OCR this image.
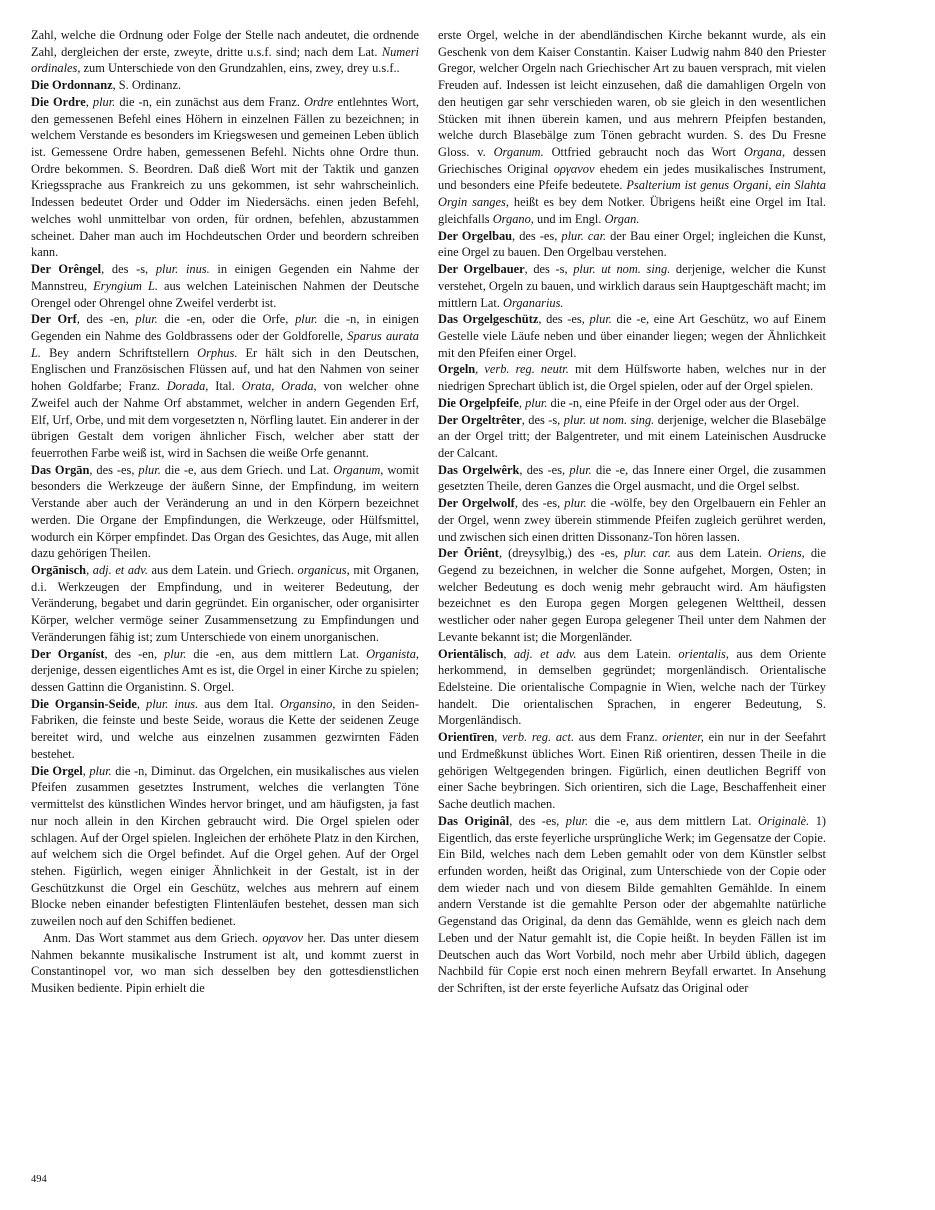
Zahl, welche die Ordnung oder Folge der Stelle nach andeutet, die ordnende Zahl, dergleichen der erste, zweyte, dritte u.s.f. sind; nach dem Lat. Numeri ordinales, zum Unterschiede von den Grundzahlen, eins, zwey, drey u.s.f..

Die Ordonnanz, S. Ordinanz.

Die Ordre, plur. die -n, ein zunächst aus dem Franz. Ordre entlehntes Wort, den gemessenen Befehl eines Höhern in einzelnen Fällen zu bezeichnen; in welchem Verstande es besonders im Kriegswesen und gemeinen Leben üblich ist. Gemessene Ordre haben, gemessenen Befehl. Nichts ohne Ordre thun. Ordre bekommen. S. Beordren. Daß dieß Wort mit der Taktik und ganzen Kriegssprache aus Frankreich zu uns gekommen, ist sehr wahrscheinlich. Indessen bedeutet Order und Odder im Niedersächs. einen jeden Befehl, welches wohl unmittelbar von orden, für ordnen, befehlen, abzustammen scheinet. Daher man auch im Hochdeutschen Order und beordern schreiben kann.

Der Orêngel, des -s, plur. inus. in einigen Gegenden ein Nahme der Mannstreu, Eryngium L. aus welchen Lateinischen Nahmen der Deutsche Orengel oder Ohrengel ohne Zweifel verderbt ist.

Der Orf, des -en, plur. die -en, oder die Orfe, plur. die -n, in einigen Gegenden ein Nahme des Goldbrassens oder der Goldforelle, Sparus aurata L. Bey andern Schriftstellern Orphus. Er hält sich in den Deutschen, Englischen und Französischen Flüssen auf, und hat den Nahmen von seiner hohen Goldfarbe; Franz. Dorada, Ital. Orata, Orada, von welcher ohne Zweifel auch der Nahme Orf abstammet, welcher in andern Gegenden Erf, Elf, Urf, Orbe, und mit dem vorgesetzten n, Nörfling lautet. Ein anderer in der übrigen Gestalt dem vorigen ähnlicher Fisch, welcher aber statt der feuerrothen Farbe weiß ist, wird in Sachsen die weiße Orfe genannt.

Das Orgān, des -es, plur. die -e, aus dem Griech. und Lat. Organum, womit besonders die Werkzeuge der äußern Sinne, der Empfindung, im weitern Verstande aber auch der Veränderung an und in den Körpern bezeichnet werden. Die Organe der Empfindungen, die Werkzeuge, oder Hülfsmittel, wodurch ein Körper empfindet. Das Organ des Gesichtes, das Auge, mit allen dazu gehörigen Theilen.

Orgānisch, adj. et adv. aus dem Latein. und Griech. organicus, mit Organen, d.i. Werkzeugen der Empfindung, und in weiterer Bedeutung, der Veränderung, begabet und darin gegründet. Ein organischer, oder organisirter Körper, welcher vermöge seiner Zusammensetzung zu Empfindungen und Veränderungen fähig ist; zum Unterschiede von einem unorganischen.

Der Organíst, des -en, plur. die -en, aus dem mittlern Lat. Organista, derjenige, dessen eigentliches Amt es ist, die Orgel in einer Kirche zu spielen; dessen Gattinn die Organistinn. S. Orgel.

Die Organsin-Seide, plur. inus. aus dem Ital. Organsino, in den Seiden-Fabriken, die feinste und beste Seide, woraus die Kette der seidenen Zeuge bereitet wird, und welche aus einzelnen zusammen gezwirnten Fäden bestehet.

Die Orgel, plur. die -n, Diminut. das Orgelchen, ein musikalisches aus vielen Pfeifen zusammen gesetztes Instrument, welches die verlangten Töne vermittelst des künstlichen Windes hervor bringet, und am häufigsten, ja fast nur noch allein in den Kirchen gebraucht wird. Die Orgel spielen oder schlagen. Auf der Orgel spielen. Ingleichen der erhöhete Platz in den Kirchen, auf welchem sich die Orgel befindet. Auf die Orgel gehen. Auf der Orgel stehen. Figürlich, wegen einiger Ähnlichkeit in der Gestalt, ist in der Geschützkunst die Orgel ein Geschütz, welches aus mehrern auf einem Blocke neben einander befestigten Flintenläufen bestehet, dessen man sich zuweilen noch auf den Schiffen bedienet.

Anm. Das Wort stammet aus dem Griech. οργανον her. Das unter diesem Nahmen bekannte musikalische Instrument ist alt, und kommt zuerst in Constantinopel vor, wo man sich desselben bey den gottesdienstlichen Musiken bediente. Pipin erhielt die

erste Orgel, welche in der abendländischen Kirche bekannt wurde, als ein Geschenk von dem Kaiser Constantin. Kaiser Ludwig nahm 840 den Priester Gregor, welcher Orgeln nach Griechischer Art zu bauen versprach, mit vielen Freuden auf. Indessen ist leicht einzusehen, daß die damahligen Orgeln von den heutigen gar sehr verschieden waren, ob sie gleich in den wesentlichen Stücken mit ihnen überein kamen, und aus mehrern Pfeipfen bestanden, welche durch Blasebälge zum Tönen gebracht wurden. S. des Du Fresne Gloss. v. Organum. Ottfried gebraucht noch das Wort Organa, dessen Griechisches Original οργανον ehedem ein jedes musikalisches Instrument, und besonders eine Pfeife bedeutete. Psalterium ist genus Organi, ein Slahta Orgin sanges, heißt es bey dem Notker. Übrigens heißt eine Orgel im Ital. gleichfalls Organo, und im Engl. Organ.

Der Orgelbau, des -es, plur. car. der Bau einer Orgel; ingleichen die Kunst, eine Orgel zu bauen. Den Orgelbau verstehen.

Der Orgelbauer, des -s, plur. ut nom. sing. derjenige, welcher die Kunst verstehet, Orgeln zu bauen, und wirklich daraus sein Hauptgeschäft macht; im mittlern Lat. Organarius.

Das Orgelgeschütz, des -es, plur. die -e, eine Art Geschütz, wo auf Einem Gestelle viele Läufe neben und über einander liegen; wegen der Ähnlichkeit mit den Pfeifen einer Orgel.

Orgeln, verb. reg. neutr. mit dem Hülfsworte haben, welches nur in der niedrigen Sprechart üblich ist, die Orgel spielen, oder auf der Orgel spielen.

Die Orgelpfeife, plur. die -n, eine Pfeife in der Orgel oder aus der Orgel.

Der Orgeltrêter, des -s, plur. ut nom. sing. derjenige, welcher die Blasebälge an der Orgel tritt; der Balgentreter, und mit einem Lateinischen Ausdrucke der Calcant.

Das Orgelwêrk, des -es, plur. die -e, das Innere einer Orgel, die zusammen gesetzten Theile, deren Ganzes die Orgel ausmacht, und die Orgel selbst.

Der Orgelwolf, des -es, plur. die -wölfe, bey den Orgelbauern ein Fehler an der Orgel, wenn zwey überein stimmende Pfeifen zugleich gerühret werden, und zwischen sich einen dritten Dissonanz-Ton hören lassen.

Der Ōriênt, (dreysylbig,) des -es, plur. car. aus dem Latein. Oriens, die Gegend zu bezeichnen, in welcher die Sonne aufgehet, Morgen, Osten; in welcher Bedeutung es doch wenig mehr gebraucht wird. Am häufigsten bezeichnet es den Europa gegen Morgen gelegenen Welttheil, dessen westlicher oder naher gegen Europa gelegener Theil unter dem Nahmen der Levante bekannt ist; die Morgenländer.

Orientālisch, adj. et adv. aus dem Latein. orientalis, aus dem Oriente herkommend, in demselben gegründet; morgenländisch. Orientalische Edelsteine. Die orientalische Compagnie in Wien, welche nach der Türkey handelt. Die orientalischen Sprachen, in engerer Bedeutung, S. Morgenländisch.

Orientīren, verb. reg. act. aus dem Franz. orienter, ein nur in der Seefahrt und Erdmeßkunst übliches Wort. Einen Riß orientiren, dessen Theile in die gehörigen Weltgegenden bringen. Figürlich, einen deutlichen Begriff von einer Sache beybringen. Sich orientiren, sich die Lage, Beschaffenheit einer Sache deutlich machen.

Das Originâl, des -es, plur. die -e, aus dem mittlern Lat. Originalè. 1) Eigentlich, das erste feyerliche ursprüngliche Werk; im Gegensatze der Copie. Ein Bild, welches nach dem Leben gemahlt oder von dem Künstler selbst erfunden worden, heißt das Original, zum Unterschiede von der Copie oder dem wieder nach und von diesem Bilde gemahlten Gemählde. In einem andern Verstande ist die gemahlte Person oder der abgemahlte natürliche Gegenstand das Original, da denn das Gemählde, wenn es gleich nach dem Leben und der Natur gemahlt ist, die Copie heißt. In beyden Fällen ist im Deutschen auch das Wort Vorbild, noch mehr aber Urbild üblich, dagegen Nachbild für Copie erst noch einen mehrern Beyfall erwartet. In Ansehung der Schriften, ist der erste feyerliche Aufsatz das Original oder

494
